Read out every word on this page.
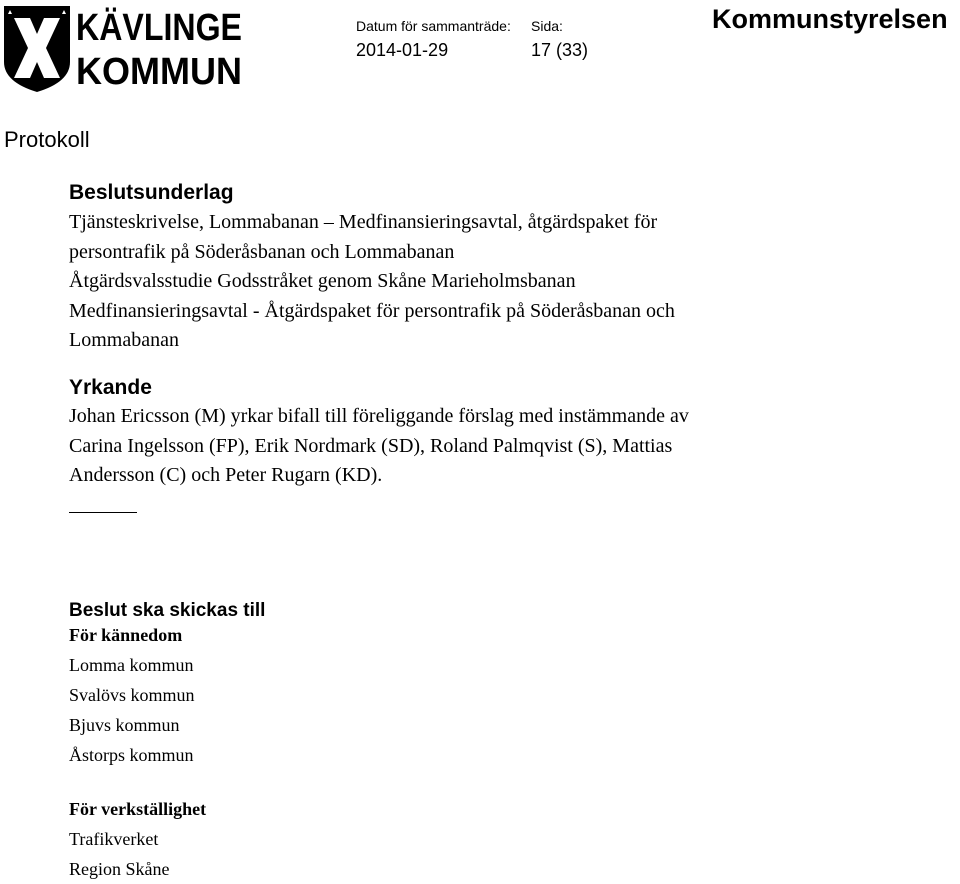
KÄVLINGE
KOMMUN
Datum för sammanträde:
2014-01-29
Sida:
17 (33)
Kommunstyrelsen
Protokoll
Beslutsunderlag
Tjänsteskrivelse, Lommabanan – Medfinansieringsavtal, åtgärdspaket för
persontrafik på Söderåsbanan och Lommabanan
Åtgärdsvalsstudie Godsstråket genom Skåne Marieholmsbanan
Medfinansieringsavtal - Åtgärdspaket för persontrafik på Söderåsbanan och
Lommabanan
Yrkande
Johan Ericsson (M) yrkar bifall till föreliggande förslag med instämmande av
Carina Ingelsson (FP), Erik Nordmark (SD), Roland Palmqvist (S), Mattias
Andersson (C) och Peter Rugarn (KD).
Beslut ska skickas till
För kännedom
Lomma kommun
Svalövs kommun
Bjuvs kommun
Åstorps kommun
För verkställighet
Trafikverket
Region Skåne
